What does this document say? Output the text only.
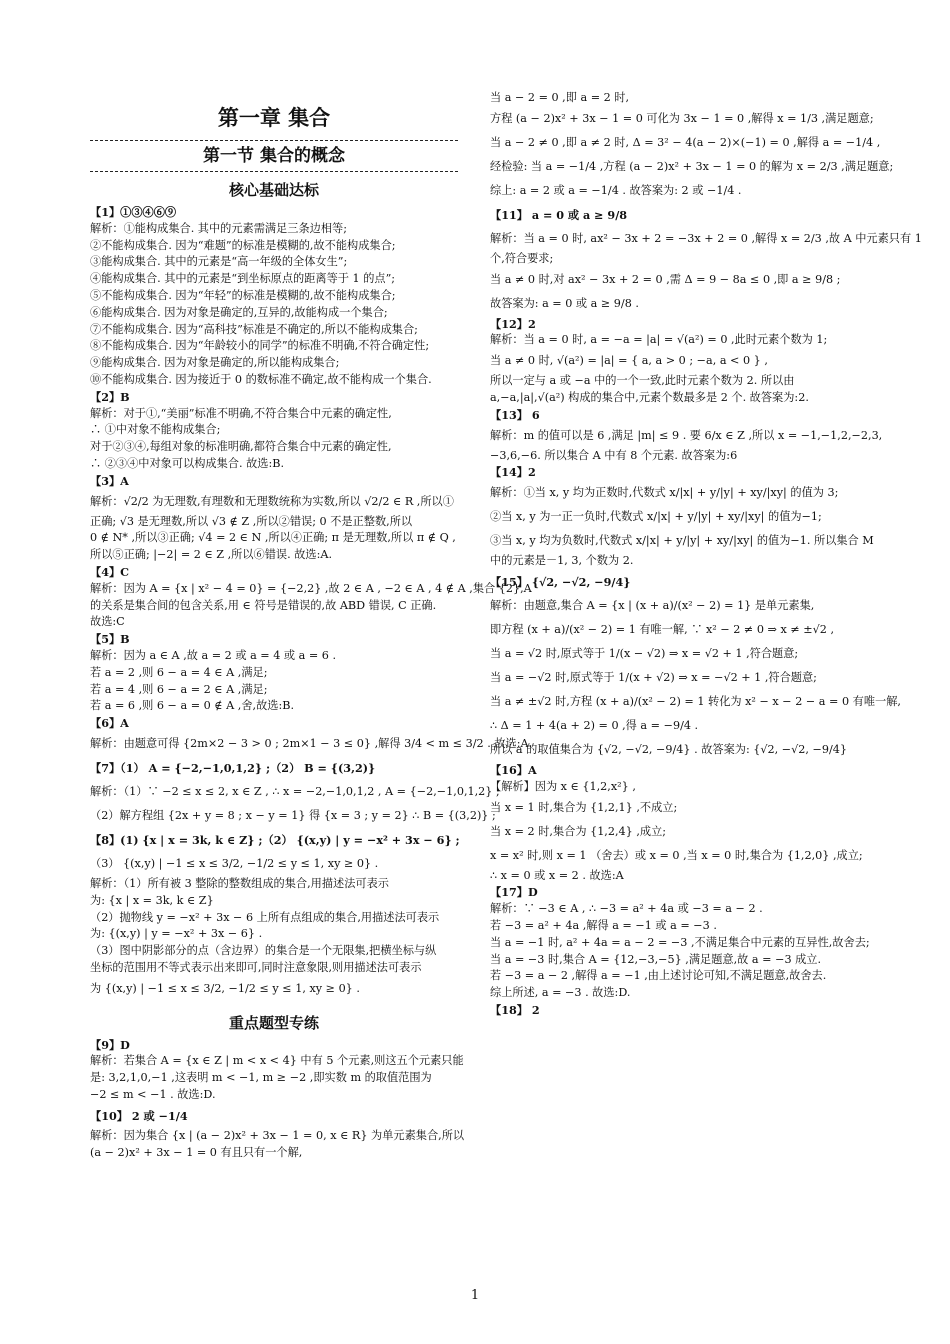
第一章 集合
第一节 集合的概念
核心基础达标
【1】①③④⑥⑨
解析：①能构成集合. 其中的元素需满足三条边相等;
②不能构成集合. 因为“难题”的标准是模糊的,故不能构成集合;
③能构成集合. 其中的元素是“高一年级的全体女生”;
④能构成集合. 其中的元素是“到坐标原点的距离等于 1 的点”;
⑤不能构成集合. 因为“年轻”的标准是模糊的,故不能构成集合;
⑥能构成集合. 因为对象是确定的,互异的,故能构成一个集合;
⑦不能构成集合. 因为“高科技”标准是不确定的,所以不能构成集合;
⑧不能构成集合. 因为“年龄较小的同学”的标准不明确,不符合确定性;
⑨能构成集合. 因为对象是确定的,所以能构成集合;
⑩不能构成集合. 因为接近于 0 的数标准不确定,故不能构成一个集合.
【2】B
解析：对于①,“美丽”标准不明确,不符合集合中元素的确定性,
∴ ①中对象不能构成集合;
对于②③④,每组对象的标准明确,都符合集合中元素的确定性,
∴ ②③④中对象可以构成集合. 故选:B.
【3】A
解析：√2/2 为无理数,有理数和无理数统称为实数,所以 √2/2 ∈ R ,所以①
正确; √3 是无理数,所以 √3 ∉ Z ,所以②错误; 0 不是正整数,所以
0 ∉ N* ,所以③正确; √4 = 2 ∈ N ,所以④正确; π 是无理数,所以 π ∉ Q ,
所以⑤正确; |−2| = 2 ∈ Z ,所以⑥错误. 故选:A.
【4】C
解析：因为 A = {x | x² − 4 = 0} = {−2,2} ,故 2 ∈ A , −2 ∈ A , 4 ∉ A ,集合 {2},A
的关系是集合间的包含关系,用 ∈ 符号是错误的,故 ABD 错误, C 正确.
故选:C
【5】B
解析：因为 a ∈ A ,故 a = 2 或 a = 4 或 a = 6 .
若 a = 2 ,则 6 − a = 4 ∈ A ,满足;
若 a = 4 ,则 6 − a = 2 ∈ A ,满足;
若 a = 6 ,则 6 − a = 0 ∉ A ,舍,故选:B.
【6】A
解析：由题意可得 {2m×2 − 3 > 0 ; 2m×1 − 3 ≤ 0} ,解得 3/4 < m ≤ 3/2 . 故选:A.
【7】（1） A = {−2,−1,0,1,2} ;（2） B = {(3,2)}
解析：（1）∵ −2 ≤ x ≤ 2, x ∈ Z , ∴ x = −2,−1,0,1,2 , A = {−2,−1,0,1,2} ;
（2）解方程组 {2x + y = 8 ; x − y = 1} 得 {x = 3 ; y = 2} ∴ B = {(3,2)} ;
【8】(1) {x | x = 3k, k ∈ Z} ;（2） {(x,y) | y = −x² + 3x − 6} ;
（3） {(x,y) | −1 ≤ x ≤ 3/2, −1/2 ≤ y ≤ 1, xy ≥ 0} .
解析：（1）所有被 3 整除的整数组成的集合,用描述法可表示
为: {x | x = 3k, k ∈ Z}
（2）抛物线 y = −x² + 3x − 6 上所有点组成的集合,用描述法可表示
为: {(x,y) | y = −x² + 3x − 6} .
（3）图中阴影部分的点（含边界）的集合是一个无限集,把横坐标与纵
坐标的范围用不等式表示出来即可,同时注意象限,则用描述法可表示
为 {(x,y) | −1 ≤ x ≤ 3/2, −1/2 ≤ y ≤ 1, xy ≥ 0} .
重点题型专练
【9】D
解析：若集合 A = {x ∈ Z | m < x < 4} 中有 5 个元素,则这五个元素只能
是: 3,2,1,0,−1 ,这表明 m < −1, m ≥ −2 ,即实数 m 的取值范围为
−2 ≤ m < −1 . 故选:D.
【10】 2 或 −1/4
解析：因为集合 {x | (a − 2)x² + 3x − 1 = 0, x ∈ R} 为单元素集合,所以
(a − 2)x² + 3x − 1 = 0 有且只有一个解,
当 a − 2 = 0 ,即 a = 2 时,
方程 (a − 2)x² + 3x − 1 = 0 可化为 3x − 1 = 0 ,解得 x = 1/3 ,满足题意;
当 a − 2 ≠ 0 ,即 a ≠ 2 时, Δ = 3² − 4(a − 2)×(−1) = 0 ,解得 a = −1/4 ,
经检验: 当 a = −1/4 ,方程 (a − 2)x² + 3x − 1 = 0 的解为 x = 2/3 ,满足题意;
综上: a = 2 或 a = −1/4 . 故答案为: 2 或 −1/4 .
【11】 a = 0 或 a ≥ 9/8
解析：当 a = 0 时, ax² − 3x + 2 = −3x + 2 = 0 ,解得 x = 2/3 ,故 A 中元素只有 1
个,符合要求;
当 a ≠ 0 时,对 ax² − 3x + 2 = 0 ,需 Δ = 9 − 8a ≤ 0 ,即 a ≥ 9/8 ;
故答案为: a = 0 或 a ≥ 9/8 .
【12】2
解析：当 a = 0 时, a = −a = |a| = √(a²) = 0 ,此时元素个数为 1;
当 a ≠ 0 时, √(a²) = |a| = { a, a > 0 ; −a, a < 0 } ,
所以一定与 a 或 −a 中的一个一致,此时元素个数为 2. 所以由
a,−a,|a|,√(a²) 构成的集合中,元素个数最多是 2 个. 故答案为:2.
【13】 6
解析：m 的值可以是 6 ,满足 |m| ≤ 9 . 要 6/x ∈ Z ,所以 x = −1,−1,2,−2,3,
−3,6,−6. 所以集合 A 中有 8 个元素. 故答案为:6
【14】2
解析：①当 x, y 均为正数时,代数式 x/|x| + y/|y| + xy/|xy| 的值为 3;
②当 x, y 为一正一负时,代数式 x/|x| + y/|y| + xy/|xy| 的值为−1;
③当 x, y 均为负数时,代数式 x/|x| + y/|y| + xy/|xy| 的值为−1. 所以集合 M
中的元素是－1, 3, 个数为 2.
【15】 {√2, −√2, −9/4}
解析：由题意,集合 A = {x | (x + a)/(x² − 2) = 1} 是单元素集,
即方程 (x + a)/(x² − 2) = 1 有唯一解, ∵ x² − 2 ≠ 0 ⇒ x ≠ ±√2 ,
当 a = √2 时,原式等于 1/(x − √2) ⇒ x = √2 + 1 ,符合题意;
当 a = −√2 时,原式等于 1/(x + √2) ⇒ x = −√2 + 1 ,符合题意;
当 a ≠ ±√2 时,方程 (x + a)/(x² − 2) = 1 转化为 x² − x − 2 − a = 0 有唯一解,
∴ Δ = 1 + 4(a + 2) = 0 ,得 a = −9/4 .
所以 a 的取值集合为 {√2, −√2, −9/4} . 故答案为: {√2, −√2, −9/4}
【16】A
【解析】因为 x ∈ {1,2,x²} ,
当 x = 1 时,集合为 {1,2,1} ,不成立;
当 x = 2 时,集合为 {1,2,4} ,成立;
x = x² 时,则 x = 1 （舍去）或 x = 0 ,当 x = 0 时,集合为 {1,2,0} ,成立;
∴ x = 0 或 x = 2 . 故选:A
【17】D
解析：∵ −3 ∈ A , ∴ −3 = a² + 4a 或 −3 = a − 2 .
若 −3 = a² + 4a ,解得 a = −1 或 a = −3 .
当 a = −1 时, a² + 4a = a − 2 = −3 ,不满足集合中元素的互异性,故舍去;
当 a = −3 时,集合 A = {12,−3,−5} ,满足题意,故 a = −3 成立.
若 −3 = a − 2 ,解得 a = −1 ,由上述讨论可知,不满足题意,故舍去.
综上所述, a = −3 . 故选:D.
【18】 2
1
